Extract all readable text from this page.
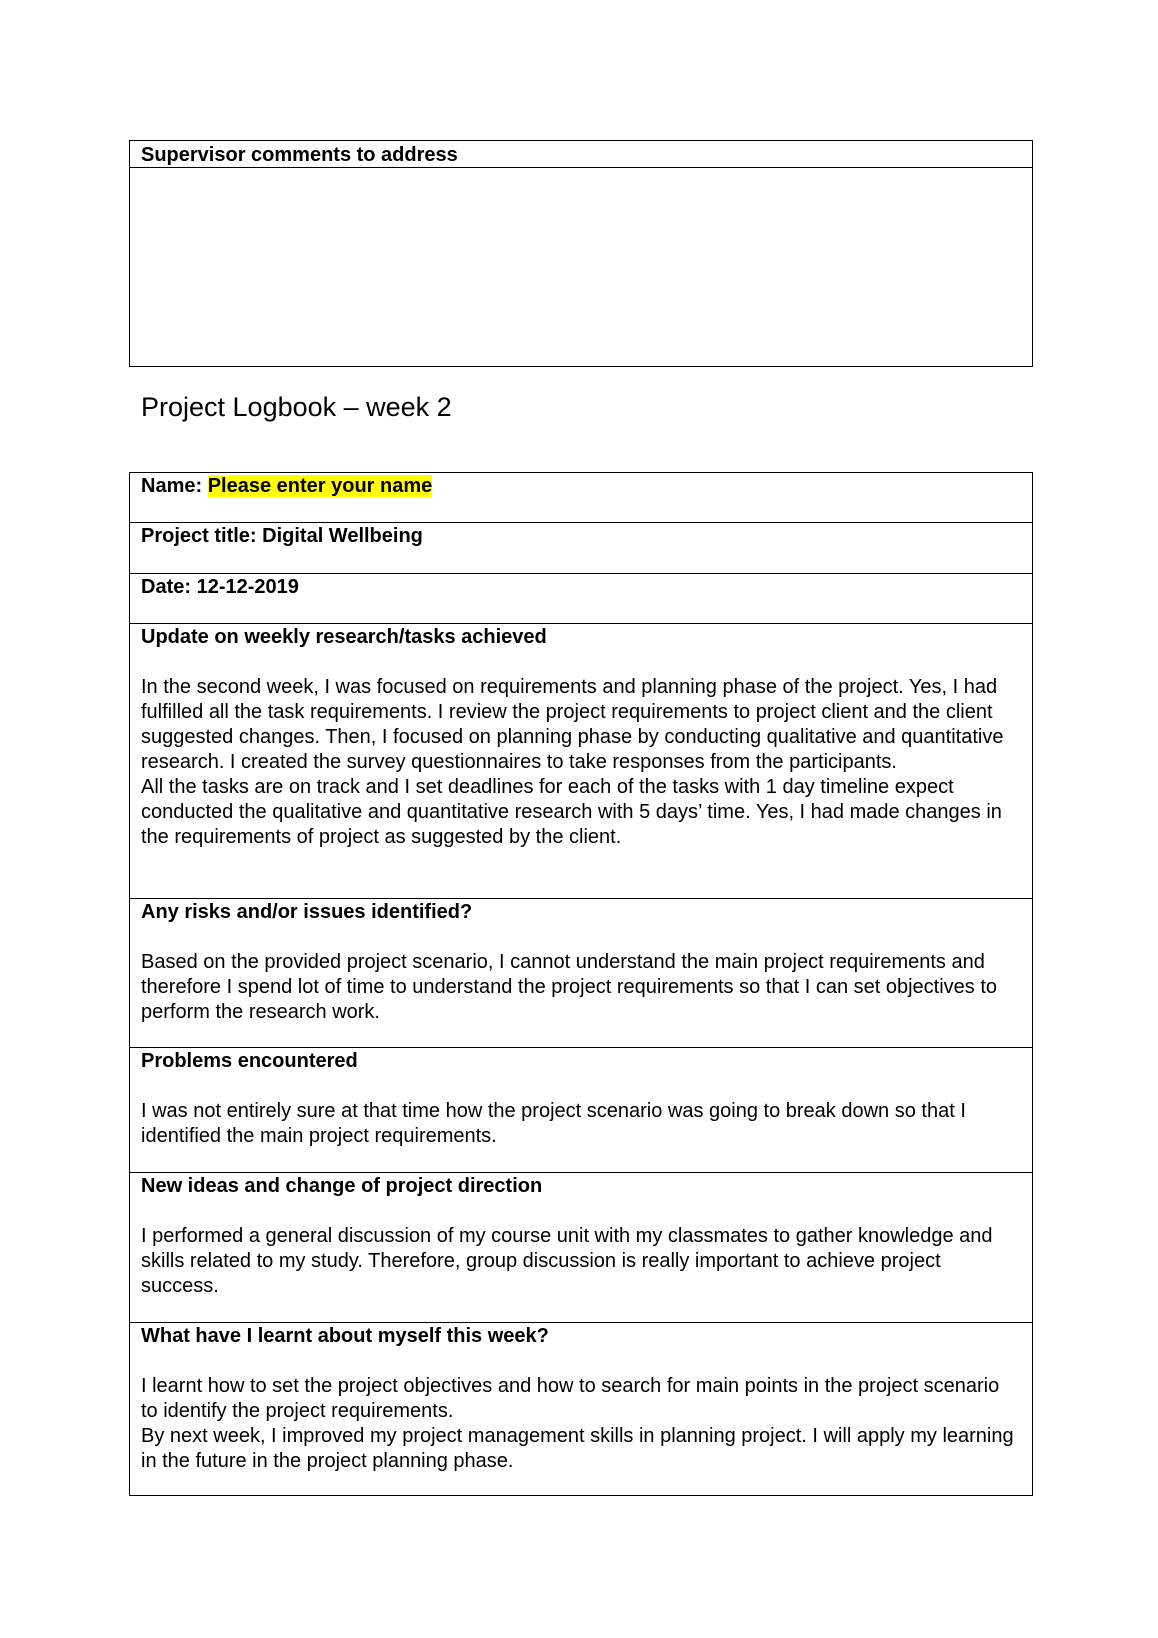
Supervisor comments to address
Project Logbook – week 2
Name: Please enter your name
Project title: Digital Wellbeing
Date: 12-12-2019
Update on weekly research/tasks achieved

In the second week, I was focused on requirements and planning phase of the project. Yes, I had fulfilled all the task requirements. I review the project requirements to project client and the client suggested changes. Then, I focused on planning phase by conducting qualitative and quantitative research. I created the survey questionnaires to take responses from the participants.

All the tasks are on track and I set deadlines for each of the tasks with 1 day timeline expect conducted the qualitative and quantitative research with 5 days’ time. Yes, I had made changes in the requirements of project as suggested by the client.

Any risks and/or issues identified?

Based on the provided project scenario, I cannot understand the main project requirements and therefore I spend lot of time to understand the project requirements so that I can set objectives to perform the research work.

Problems encountered

I was not entirely sure at that time how the project scenario was going to break down so that I identified the main project requirements.

New ideas and change of project direction

I performed a general discussion of my course unit with my classmates to gather knowledge and skills related to my study. Therefore, group discussion is really important to achieve project success.

What have I learnt about myself this week?

I learnt how to set the project objectives and how to search for main points in the project scenario to identify the project requirements.

By next week, I improved my project management skills in planning project. I will apply my learning in the future in the project planning phase.
